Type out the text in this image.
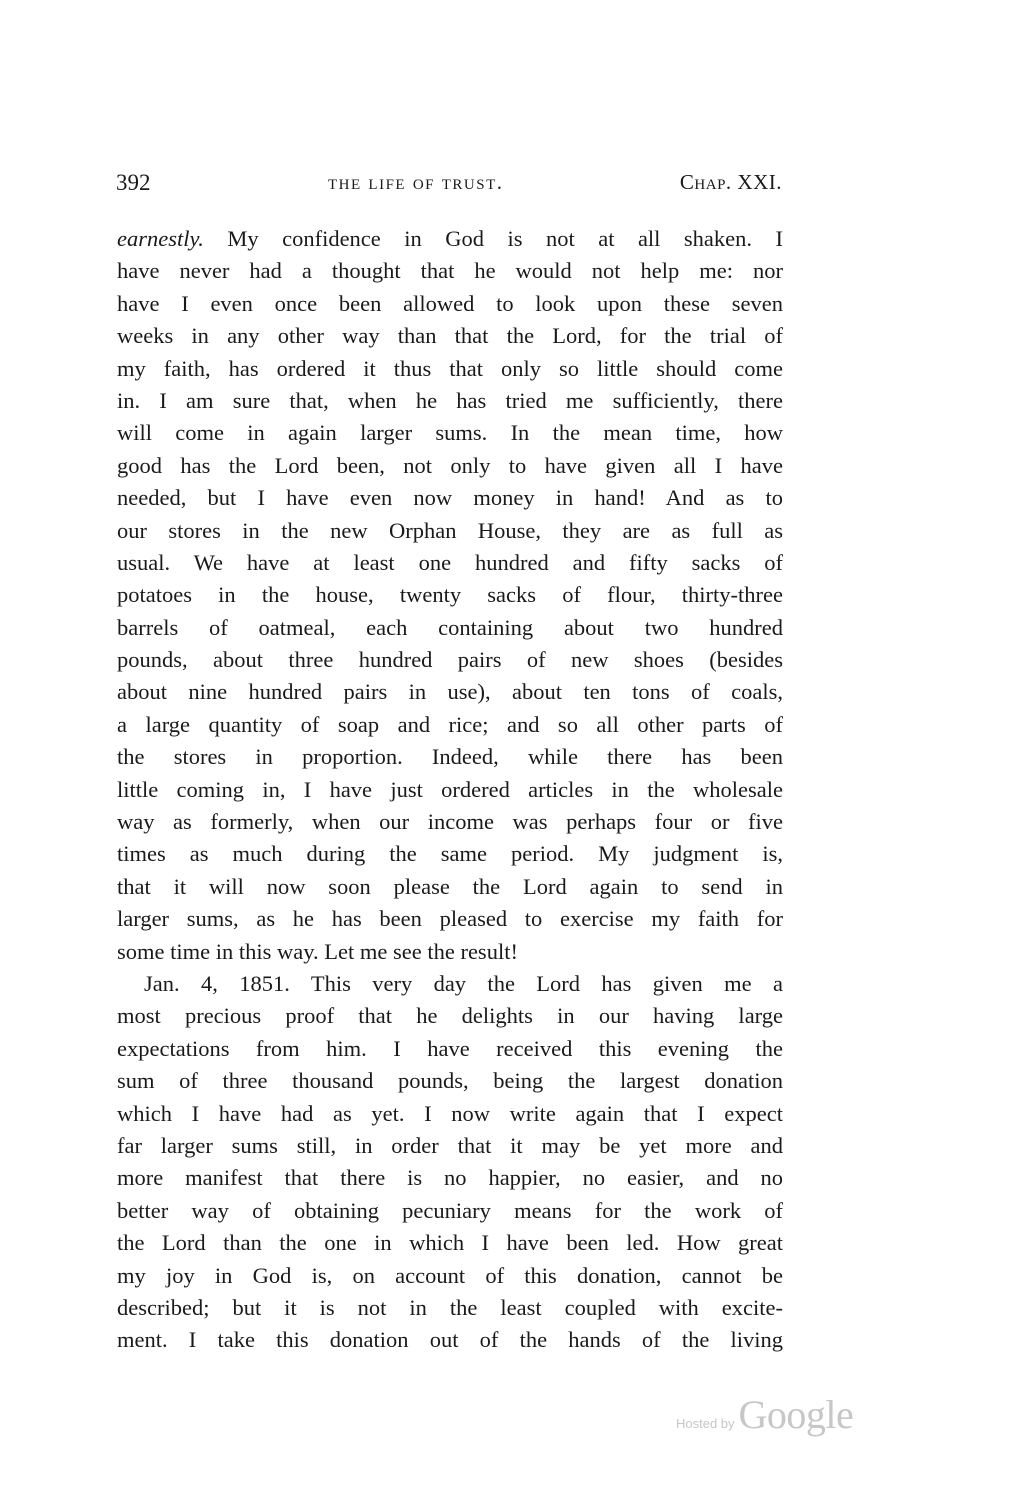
392	the life of trust.	Chap. XXI.
earnestly. My confidence in God is not at all shaken. I
have never had a thought that he would not help me: nor
have I even once been allowed to look upon these seven
weeks in any other way than that the Lord, for the trial of
my faith, has ordered it thus that only so little should come
in. I am sure that, when he has tried me sufficiently, there
will come in again larger sums. In the mean time, how
good has the Lord been, not only to have given all I have
needed, but I have even now money in hand! And as to
our stores in the new Orphan House, they are as full as
usual. We have at least one hundred and fifty sacks of
potatoes in the house, twenty sacks of flour, thirty-three
barrels of oatmeal, each containing about two hundred
pounds, about three hundred pairs of new shoes (besides
about nine hundred pairs in use), about ten tons of coals,
a large quantity of soap and rice; and so all other parts of
the stores in proportion. Indeed, while there has been
little coming in, I have just ordered articles in the wholesale
way as formerly, when our income was perhaps four or five
times as much during the same period. My judgment is,
that it will now soon please the Lord again to send in
larger sums, as he has been pleased to exercise my faith for
some time in this way. Let me see the result!
Jan. 4, 1851. This very day the Lord has given me a
most precious proof that he delights in our having large
expectations from him. I have received this evening the
sum of three thousand pounds, being the largest donation
which I have had as yet. I now write again that I expect
far larger sums still, in order that it may be yet more and
more manifest that there is no happier, no easier, and no
better way of obtaining pecuniary means for the work of
the Lord than the one in which I have been led. How great
my joy in God is, on account of this donation, cannot be
described; but it is not in the least coupled with excite-
ment. I take this donation out of the hands of the living
Hosted by Google
